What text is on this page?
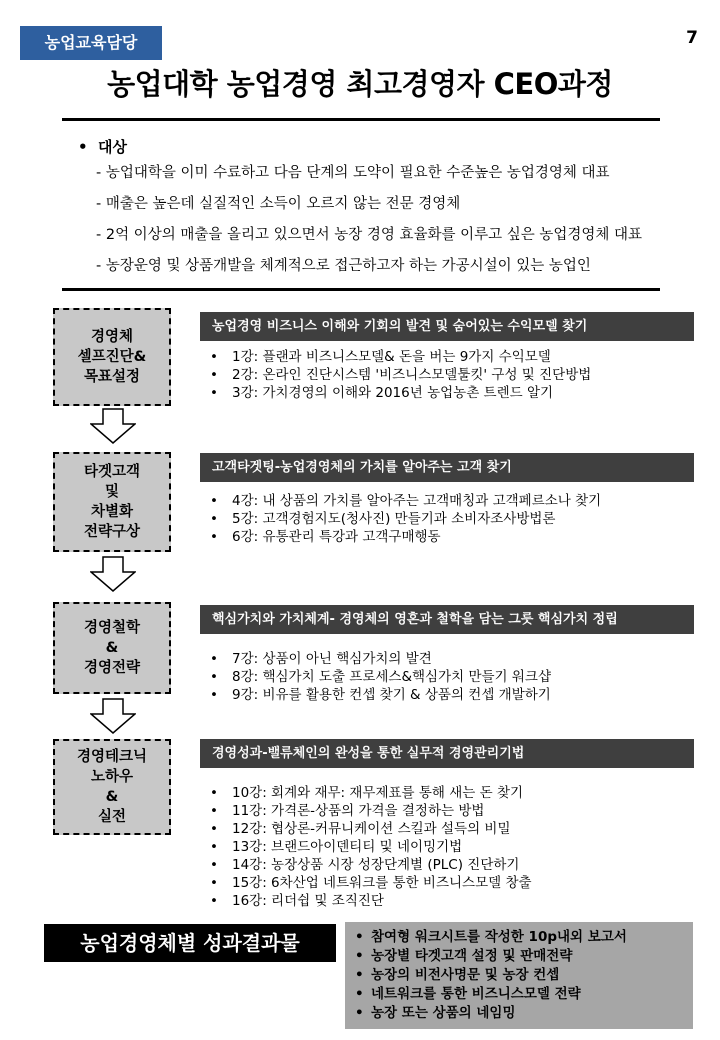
농업교육담당	7
농업대학 농업경영 최고경영자 CEO과정
•  대상
- 농업대학을 이미 수료하고 다음 단계의 도약이 필요한 수준높은 농업경영체 대표
- 매출은 높은데 실질적인 소득이 오르지 않는 전문 경영체
- 2억 이상의 매출을 올리고 있으면서 농장 경영 효율화를 이루고 싶은 농업경영체 대표
- 농장운영 및 상품개발을 체계적으로 접근하고자 하는 가공시설이 있는 농업인
경영체
셀프진단&
목표설정
농업경영 비즈니스 이해와 기회의 발견 및 숨어있는 수익모델 찾기
• 1강: 플랜과 비즈니스모델& 돈을 버는 9가지 수익모델
• 2강: 온라인 진단시스템 '비즈니스모델툴킷' 구성 및 진단방법
• 3강: 가치경영의 이해와 2016년 농업농촌 트렌드 알기
타겟고객
및
차별화
전략구상
고객타겟팅-농업경영체의 가치를 알아주는 고객 찾기
• 4강: 내 상품의 가치를 알아주는 고객매칭과 고객페르소나 찾기
• 5강: 고객경험지도(청사진) 만들기과 소비자조사방법론
• 6강: 유통관리 특강과 고객구매행동
경영철학
&
경영전략
핵심가치와 가치체계- 경영체의 영혼과 철학을 담는 그릇 핵심가치 정립
• 7강: 상품이 아닌 핵심가치의 발견
• 8강: 핵심가치 도출 프로세스&핵심가치 만들기 워크샵
• 9강: 비유를 활용한 컨셉 찾기 & 상품의 컨셉 개발하기
경영테크닉
노하우
&
실전
경영성과-밸류체인의 완성을 통한 실무적 경영관리기법
• 10강: 회계와 재무: 재무제표를 통해 새는 돈 찾기
• 11강: 가격론-상품의 가격을 결정하는 방법
• 12강: 협상론-커뮤니케이션 스킬과 설득의 비밀
• 13강: 브랜드아이덴티티 및 네이밍기법
• 14강: 농장상품 시장 성장단계별 (PLC) 진단하기
• 15강: 6차산업 네트워크를 통한 비즈니스모델 창출
• 16강: 리더쉽 및 조직진단
농업경영체별 성과결과물
•	참여형 워크시트를 작성한 10p내외 보고서
• 농장별 타겟고객 설정 및 판매전략
• 농장의 비전사명문 및 농장 컨셉
• 네트워크를 통한 비즈니스모델 전략
• 농장 또는 상품의 네임밍
